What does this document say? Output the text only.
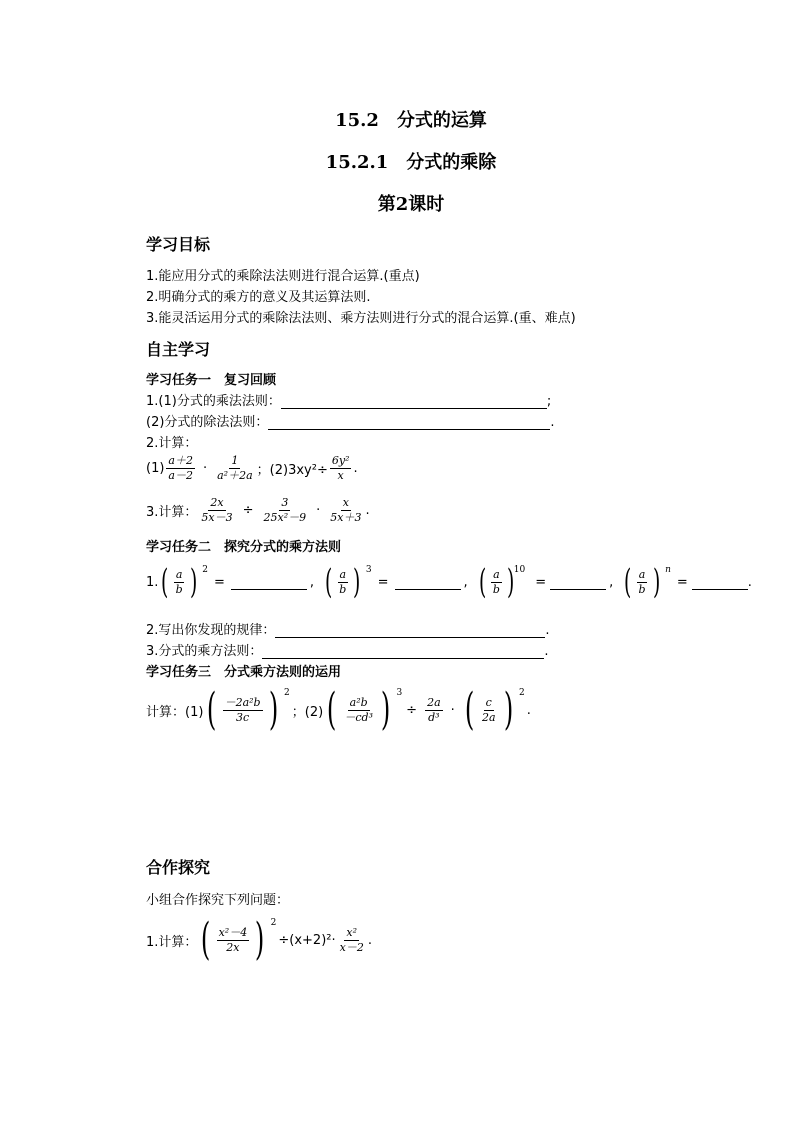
15.2　分式的运算
15.2.1　分式的乘除
第2课时
学习目标
1.能应用分式的乘除法法则进行混合运算.(重点)
2.明确分式的乘方的意义及其运算法则.
3.能灵活运用分式的乘除法法则、乘方法则进行分式的混合运算.(重、难点)
自主学习
学习任务一　复习回顾
1.(1)分式的乘法法则：	;
(2)分式的除法法则：	.
2.计算：
$(1) \frac{a+2}{a-2} \cdot \frac{1}{\text{a²＋2a}}$ ；$(2)3xy^2\div \frac{\text{6y²}}{x}$ .
3.计算： $\frac{2x}{5x-3} \div \frac{3}{\text{25x²－9}} \cdot \frac{x}{5x+3}$ .
学习任务二　探究分式的乘方法则
1. ( $\frac{a}{b}$ ) $^2$
=	, ( $\frac{a}{b}$ ) $^3$
=	, ( $\frac{a}{b} )^{10}$
=	, ( $\frac{a}{b}$ ) $^n$
=	.
2.写出你发现的规律：	.
3.分式的乘方法则：	.
学习任务三　分式乘方法则的运用
计算：(1) ( $\frac{\text{－2a²b}}{3c}$ ) $^2$
；(2) ( $\frac{\text{a²b}}{\text{－cd³}}$ ) $^3$
÷ $\frac{2a}{\text{d³}}$ · ( $\frac{c}{2a}$ ) $^2$
.
合作探究
小组合作探究下列问题：
1.计算： ( $\frac{\text{x²－4}}{2x}$ ) $^2$
$\div(x+2)^2\cdot \frac{\text{x²}}{x-2}$ .
